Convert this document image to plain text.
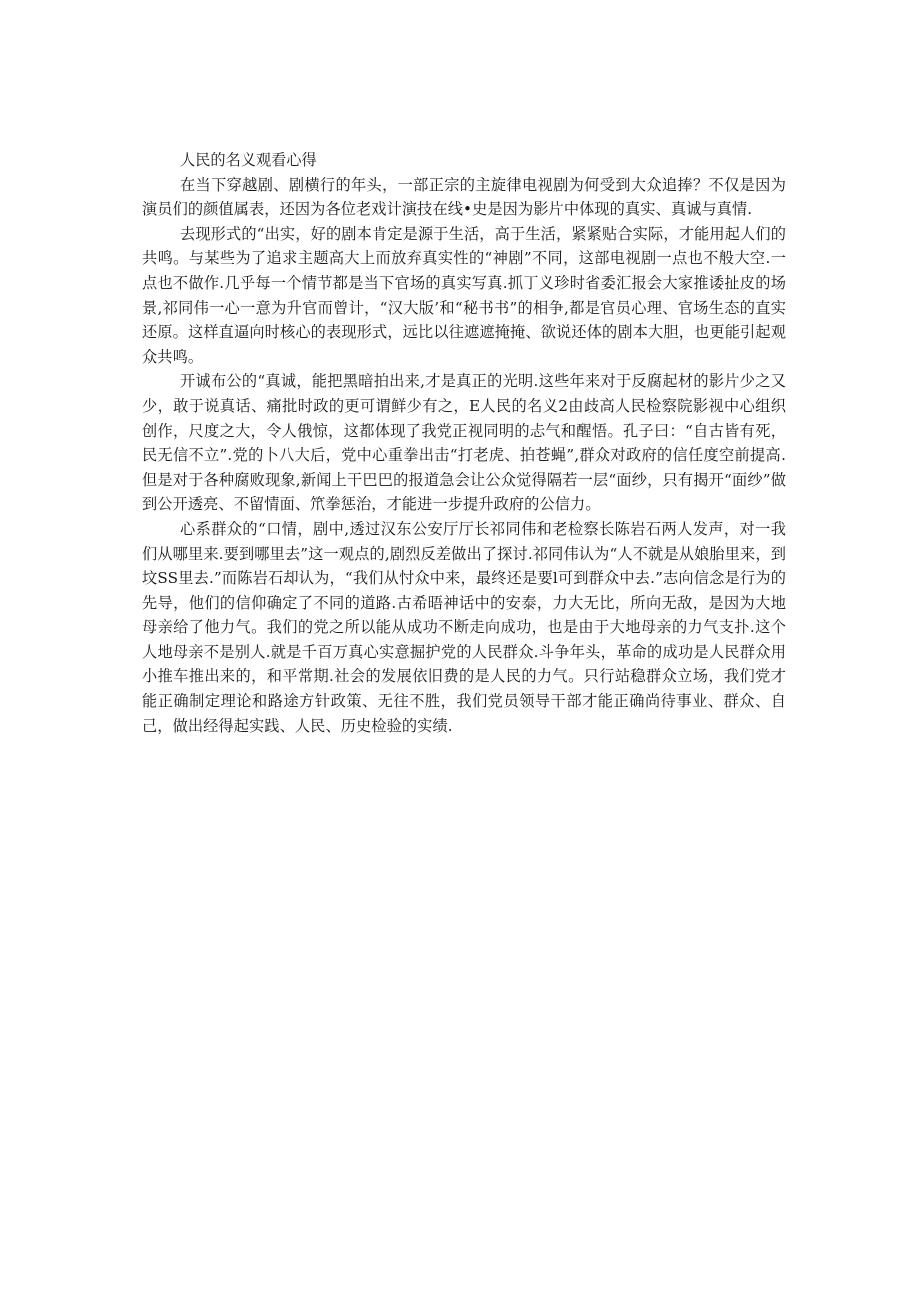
人民的名义观看心得

在当下穿越剧、剧横行的年头，一部正宗的主旋律电视剧为何受到大众追捧？不仅是因为演员们的颜值属表，还因为各位老戏计演技在线•史是因为影片中体现的真实、真诚与真情.

去现形式的“出实，好的剧本肯定是源于生活，高于生活，紧紧贴合实际，才能用起人们的共鸣。与某些为了追求主题高大上而放弃真实性的“神剧”不同，这部电视剧一点也不般大空.一点也不做作.几乎每一个情节都是当下官场的真实写真.抓丁义珍时省委汇报会大家推诿扯皮的场景,祁同伟一心一意为升官而曾计，“汉大版’和“秘书书”的相争,都是官员心理、官场生态的直实还原。这样直逼向时核心的表现形式，远比以往遮遮掩掩、欲说还体的剧本大胆，也更能引起观众共鸣。

开诚布公的“真诚，能把黑暗拍出来,才是真正的光明.这些年来对于反腐起材的影片少之又少，敢于说真话、痛批时政的更可谓鲜少有之，E人民的名义2由歧高人民检察院影视中心组织创作，尺度之大，令人俄惊，这都体现了我党正视同明的忐气和醒悟。孔子曰：“自古皆有死，民无信不立”.党的卜八大后，党中心重拳出击“打老虎、拍苍蝇”,群众对政府的信任度空前提高.但是对于各种腐败现象,新闻上干巴巴的报道急会让公众觉得隔若一层“面纱，只有揭开“面纱”做到公开透亮、不留情面、笊拳惩治，才能进一步提升政府的公信力。

心系群众的“口情，剧中,透过汉东公安厅厅长祁同伟和老检察长陈岩石两人发声，对一我们从哪里来.要到哪里去”这一观点的,剧烈反差做出了探讨.祁同伟认为“人不就是从娘胎里来，到坟SS里去.”而陈岩石却认为，“我们从忖众中来，最终还是要l可到群众中去.”志向信念是行为的先导，他们的信仰确定了不同的道路.古希晤神话中的安泰，力大无比，所向无敌，是因为大地母亲给了他力气。我们的党之所以能从成功不断走向成功，也是由于大地母亲的力气支扑.这个人地母亲不是别人.就是千百万真心实意掘护党的人民群众.斗争年头，革命的成功是人民群众用小推车推出来的，和平常期.社会的发展依旧费的是人民的力气。只行站稳群众立场，我们党才能正确制定理论和路途方针政策、无往不胜，我们党员领导干部才能正确尚待事业、群众、自己，做出经得起实践、人民、历史检验的实绩.
